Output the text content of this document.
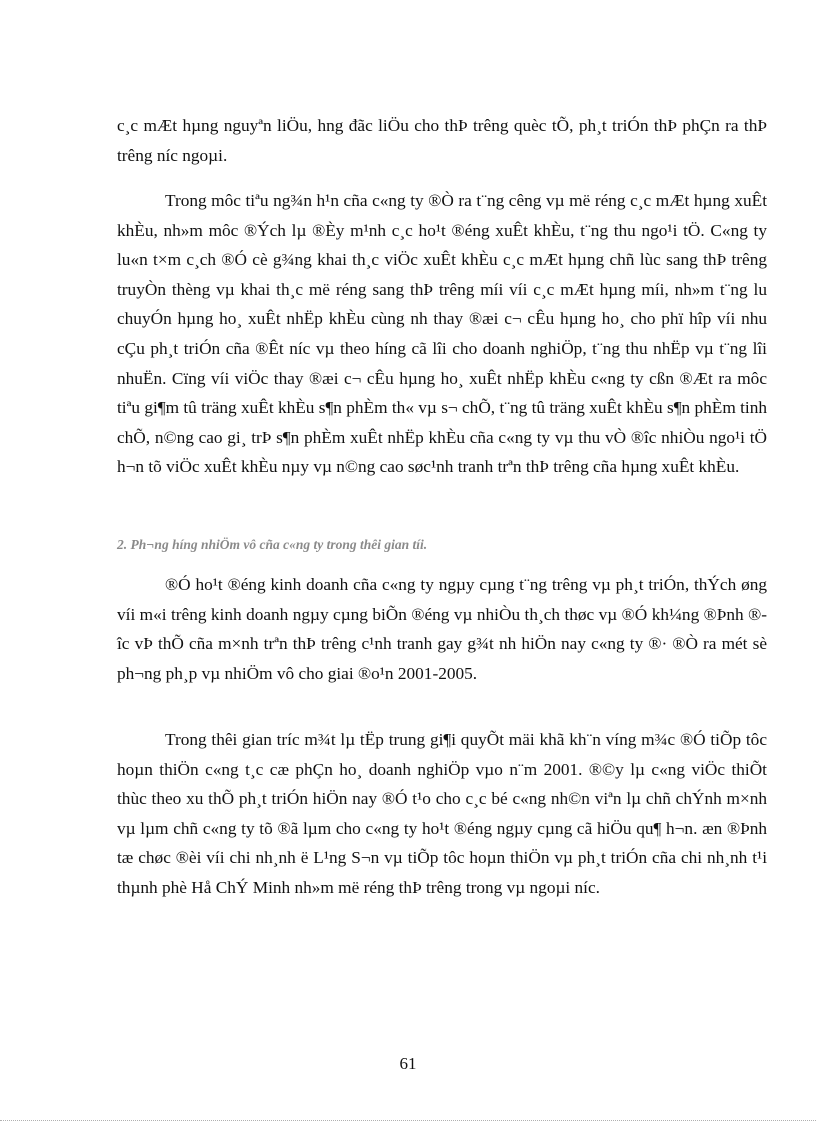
c¸c mÆt hµng nguyªn liÖu, hng đãc liÖu cho thÞ trêng quèc tÕ, ph¸t triÓn thÞ phÇn ra thÞ trêng níc ngoµi.

Trong môc tiªu ng¾n h¹n cña c«ng ty ®Ò ra t¨ng cêng vµ më réng c¸c mÆt hµng xuÊt khÈu, nh»m môc ®Ých lµ ®Èy m¹nh c¸c ho¹t ®éng xuÊt khÈu, t¨ng thu ngo¹i tÖ. C«ng ty lu«n t×m c¸ch ®Ó cè g¾ng khai th¸c viÖc xuÊt khÈu c¸c mÆt hµng chñ lùc sang thÞ trêng truyÒn thèng vµ khai th¸c më réng sang thÞ trêng míi víi c¸c mÆt hµng míi, nh»m t¨ng lu chuyÓn hµng ho¸ xuÊt nhËp khÈu cùng nh thay ®æi c¬ cÊu hµng ho¸ cho phï hîp víi nhu cÇu ph¸t triÓn cña ®Êt níc vµ theo híng cã lîi cho doanh nghiÖp, t¨ng thu nhËp vµ t¨ng lîi nhuËn. Cïng víi viÖc thay ®æi c¬ cÊu hµng ho¸ xuÊt nhËp khÈu c«ng ty cßn ®Æt ra môc tiªu gi¶m tû träng xuÊt khÈu s¶n phÈm th« vµ s¬ chÕ, t¨ng tû träng xuÊt khÈu s¶n phÈm tinh chÕ, n©ng cao gi¸ trÞ s¶n phÈm xuÊt nhËp khÈu cña c«ng ty vµ thu vÒ ®îc nhiÒu ngo¹i tÖ h¬n tõ viÖc xuÊt khÈu nµy vµ n©ng cao søc¹nh tranh trªn thÞ trêng cña hµng xuÊt khÈu.

2. Ph¬ng híng nhiÖm vô cña c«ng ty trong thêi gian tíi.

®Ó ho¹t ®éng kinh doanh cña c«ng ty ngµy cµng t¨ng trêng vµ ph¸t triÓn, thÝch øng víi m«i trêng kinh doanh ngµy cµng biÕn ®éng vµ nhiÒu th¸ch thøc vµ ®Ó kh¼ng ®Þnh ®îc vÞ thÕ cña m×nh trªn thÞ trêng c¹nh tranh gay g¾t nh hiÖn nay c«ng ty ®· ®Ò ra mét sè ph¬ng ph¸p vµ nhiÖm vô cho giai ®o¹n 2001-2005.

Trong thêi gian tríc m¾t lµ tËp trung gi¶i quyÕt mäi khã kh¨n víng m¾c ®Ó tiÕp tôc hoµn thiÖn c«ng t¸c cæ phÇn ho¸ doanh nghiÖp vµo n¨m 2001. ®©y lµ c«ng viÖc thiÕt thùc theo xu thÕ ph¸t triÓn hiÖn nay ®Ó t¹o cho c¸c bé c«ng nh©n viªn lµ chñ chÝnh m×nh vµ lµm chñ c«ng ty tõ ®ã lµm cho c«ng ty ho¹t ®éng ngµy cµng cã hiÖu qu¶ h¬n. æn ®Þnh tæ chøc ®èi víi chi nh¸nh ë L¹ng S¬n vµ tiÕp tôc hoµn thiÖn vµ ph¸t triÓn cña chi nh¸nh t¹i thµnh phè Hå ChÝ Minh nh»m më réng thÞ trêng trong vµ ngoµi níc.

61
